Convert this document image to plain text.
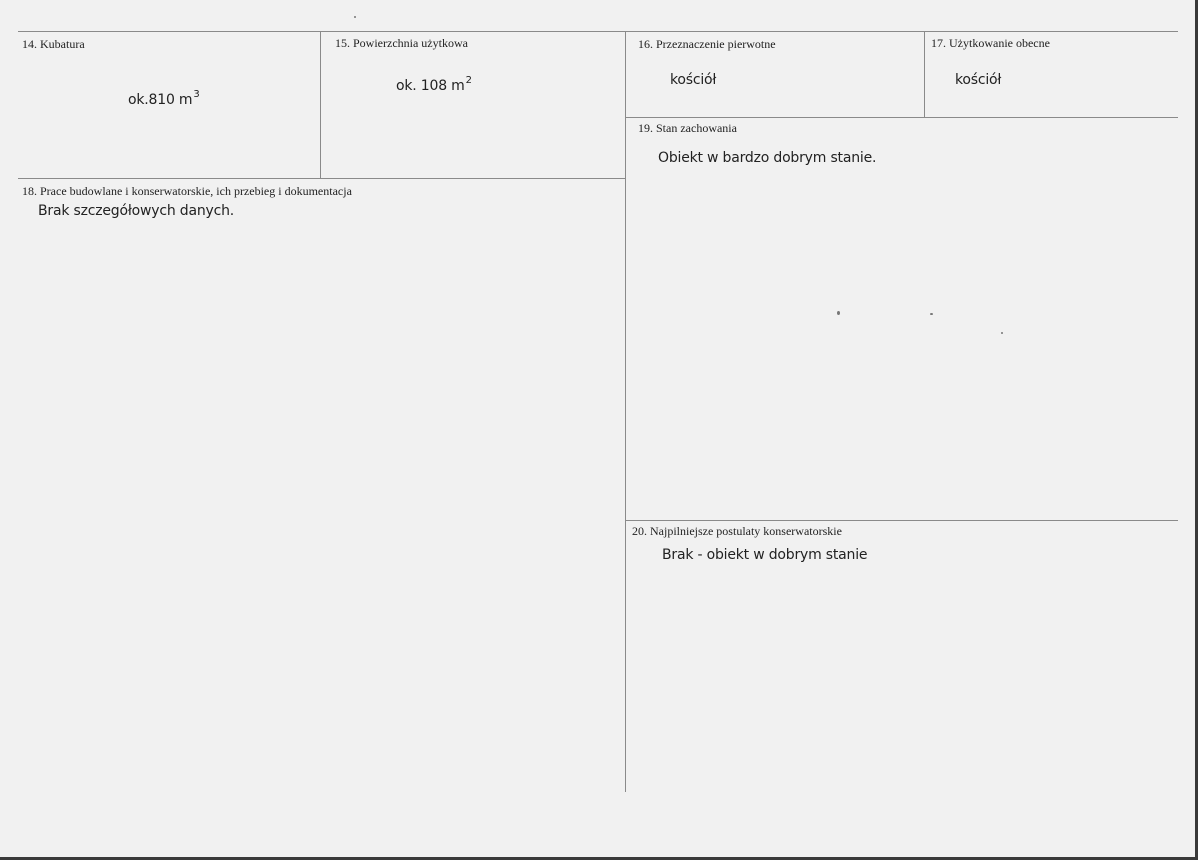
14. Kubatura
ok.810 $m^3$
15. Powierzchnia użytkowa
ok. 108 $m^2$
16. Przeznaczenie pierwotne
kościół
17. Użytkowanie obecne
kościół
19. Stan zachowania
Obiekt w bardzo dobrym stanie.
18. Prace budowlane i konserwatorskie, ich przebieg i dokumentacja
Brak szczegółowych danych.
20. Najpilniejsze postulaty konserwatorskie
Brak - obiekt w dobrym stanie
